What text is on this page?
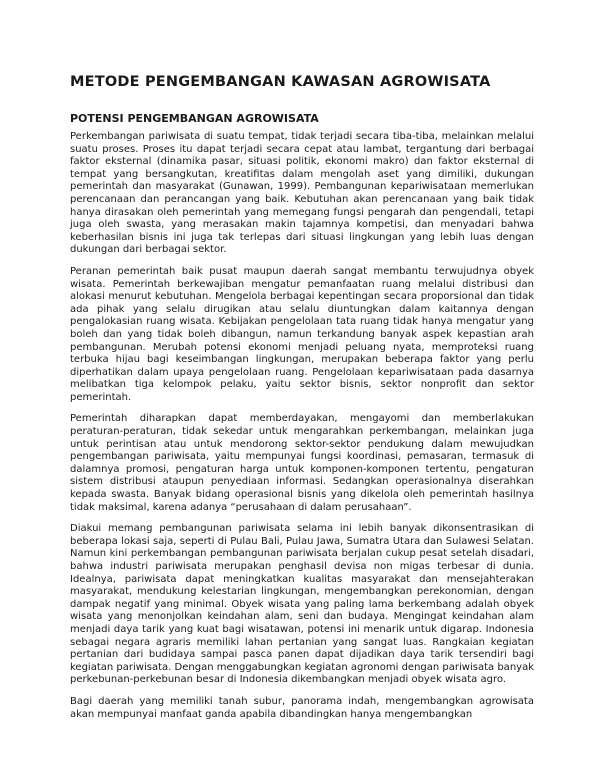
METODE PENGEMBANGAN KAWASAN AGROWISATA
POTENSI PENGEMBANGAN AGROWISATA

Perkembangan pariwisata di suatu tempat, tidak terjadi secara tiba-tiba, melainkan melalui suatu proses. Proses itu dapat terjadi secara cepat atau lambat, tergantung dari berbagai faktor eksternal (dinamika pasar, situasi politik, ekonomi makro) dan faktor eksternal di tempat yang bersangkutan, kreatifitas dalam mengolah aset yang dimiliki, dukungan pemerintah dan masyarakat (Gunawan, 1999). Pembangunan kepariwisataan memerlukan perencanaan dan perancangan yang baik. Kebutuhan akan perencanaan yang baik tidak hanya dirasakan oleh pemerintah yang memegang fungsi pengarah dan pengendali, tetapi juga oleh swasta, yang merasakan makin tajamnya kompetisi, dan menyadari bahwa keberhasilan bisnis ini juga tak terlepas dari situasi lingkungan yang lebih luas dengan dukungan dari berbagai sektor.

Peranan pemerintah baik pusat maupun daerah sangat membantu terwujudnya obyek wisata. Pemerintah berkewajiban mengatur pemanfaatan ruang melalui distribusi dan alokasi menurut kebutuhan. Mengelola berbagai kepentingan secara proporsional dan tidak ada pihak yang selalu dirugikan atau selalu diuntungkan dalam kaitannya dengan pengalokasian ruang wisata. Kebijakan pengelolaan tata ruang tidak hanya mengatur yang boleh dan yang tidak boleh dibangun, namun terkandung banyak aspek kepastian arah pembangunan. Merubah potensi ekonomi menjadi peluang nyata, memproteksi ruang terbuka hijau bagi keseimbangan lingkungan, merupakan beberapa faktor yang perlu diperhatikan dalam upaya pengelolaan ruang. Pengelolaan kepariwisataan pada dasarnya melibatkan tiga kelompok pelaku, yaitu sektor bisnis, sektor nonprofit dan sektor pemerintah.

Pemerintah diharapkan dapat memberdayakan, mengayomi dan memberlakukan peraturan-peraturan, tidak sekedar untuk mengarahkan perkembangan, melainkan juga untuk perintisan atau untuk mendorong sektor-sektor pendukung dalam mewujudkan pengembangan pariwisata, yaitu mempunyai fungsi koordinasi, pemasaran, termasuk di dalamnya promosi, pengaturan harga untuk komponen-komponen tertentu, pengaturan sistem distribusi ataupun penyediaan informasi. Sedangkan operasionalnya diserahkan kepada swasta. Banyak bidang operasional bisnis yang dikelola oleh pemerintah hasilnya tidak maksimal, karena adanya “perusahaan di dalam perusahaan”.

Diakui memang pembangunan pariwisata selama ini lebih banyak dikonsentrasikan di beberapa lokasi saja, seperti di Pulau Bali, Pulau Jawa, Sumatra Utara dan Sulawesi Selatan. Namun kini perkembangan pembangunan pariwisata berjalan cukup pesat setelah disadari, bahwa industri pariwisata merupakan penghasil devisa non migas terbesar di dunia. Idealnya, pariwisata dapat meningkatkan kualitas masyarakat dan mensejahterakan masyarakat, mendukung kelestarian lingkungan, mengembangkan perekonomian, dengan dampak negatif yang minimal. Obyek wisata yang paling lama berkembang adalah obyek wisata yang menonjolkan keindahan alam, seni dan budaya. Mengingat keindahan alam menjadi daya tarik yang kuat bagi wisatawan, potensi ini menarik untuk digarap. Indonesia sebagai negara agraris memiliki lahan pertanian yang sangat luas. Rangkaian kegiatan pertanian dari budidaya sampai pasca panen dapat dijadikan daya tarik tersendiri bagi kegiatan pariwisata. Dengan menggabungkan kegiatan agronomi dengan pariwisata banyak perkebunan-perkebunan besar di Indonesia dikembangkan menjadi obyek wisata agro.

Bagi daerah yang memiliki tanah subur, panorama indah, mengembangkan agrowisata akan mempunyai manfaat ganda apabila dibandingkan hanya mengembangkan
